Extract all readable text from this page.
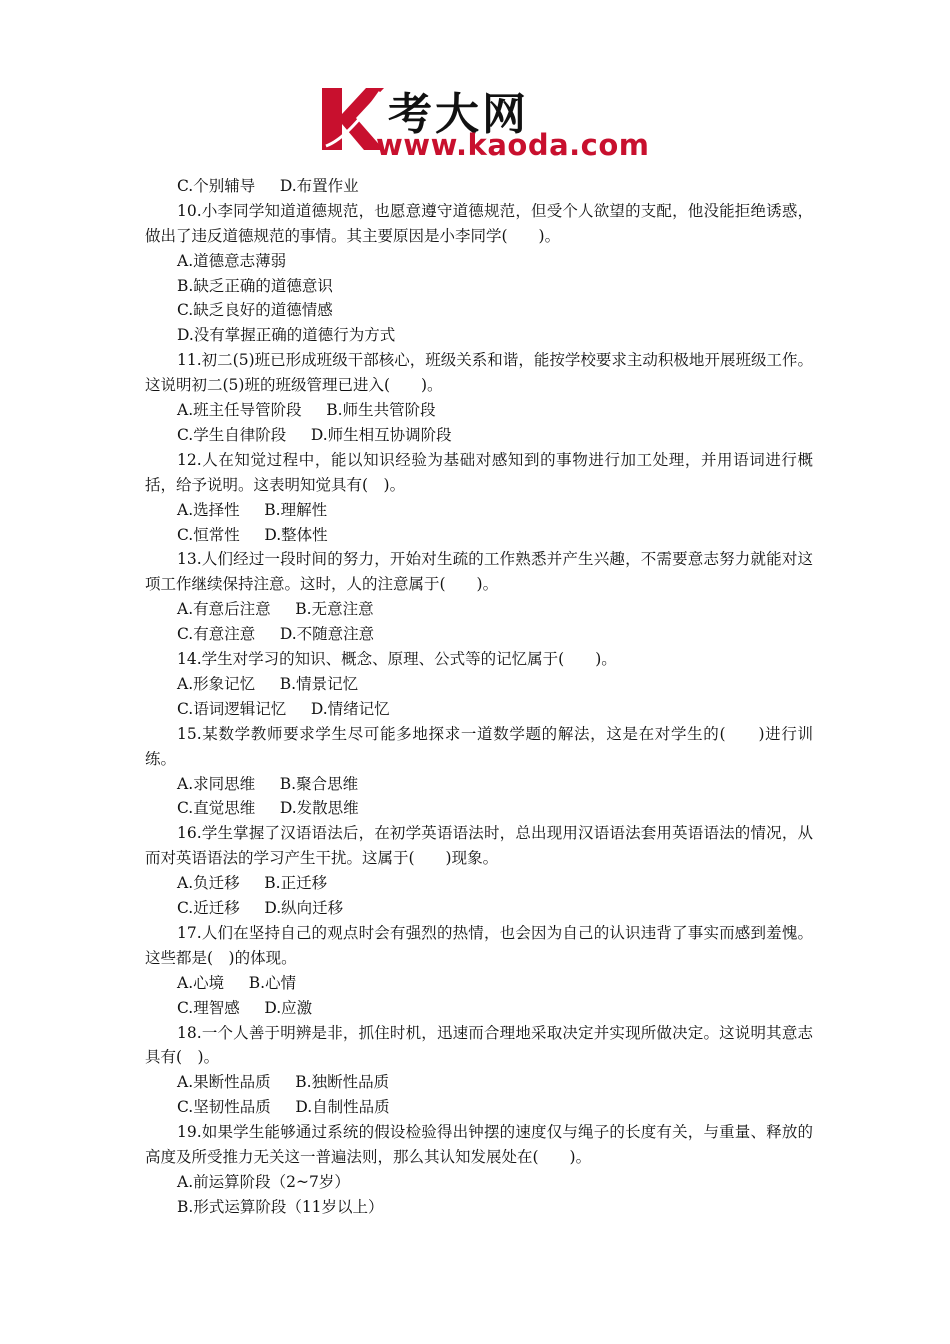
考大网
www.kaoda.com
C.个别辅导     D.布置作业
10.小李同学知道道德规范，也愿意遵守道德规范，但受个人欲望的支配，他没能拒绝诱惑，做出了违反道德规范的事情。其主要原因是小李同学(　　)。
A.道德意志薄弱
B.缺乏正确的道德意识
C.缺乏良好的道德情感
D.没有掌握正确的道德行为方式
11.初二(5)班已形成班级干部核心，班级关系和谐，能按学校要求主动积极地开展班级工作。这说明初二(5)班的班级管理已进入(　　)。
A.班主任导管阶段     B.师生共管阶段
C.学生自律阶段     D.师生相互协调阶段
12.人在知觉过程中，能以知识经验为基础对感知到的事物进行加工处理，并用语词进行概括，给予说明。这表明知觉具有(　)。
A.选择性     B.理解性
C.恒常性     D.整体性
13.人们经过一段时间的努力，开始对生疏的工作熟悉并产生兴趣，不需要意志努力就能对这项工作继续保持注意。这时，人的注意属于(　　)。
A.有意后注意     B.无意注意
C.有意注意     D.不随意注意
14.学生对学习的知识、概念、原理、公式等的记忆属于(　　)。
A.形象记忆     B.情景记忆
C.语词逻辑记忆     D.情绪记忆
15.某数学教师要求学生尽可能多地探求一道数学题的解法，这是在对学生的(　　)进行训练。
A.求同思维     B.聚合思维
C.直觉思维     D.发散思维
16.学生掌握了汉语语法后，在初学英语语法时，总出现用汉语语法套用英语语法的情况，从而对英语语法的学习产生干扰。这属于(　　)现象。
A.负迁移     B.正迁移
C.近迁移     D.纵向迁移
17.人们在坚持自己的观点时会有强烈的热情，也会因为自己的认识违背了事实而感到羞愧。这些都是(　)的体现。
A.心境     B.心情
C.理智感     D.应激
18.一个人善于明辨是非，抓住时机，迅速而合理地采取决定并实现所做决定。这说明其意志具有(　)。
A.果断性品质     B.独断性品质
C.坚韧性品质     D.自制性品质
19.如果学生能够通过系统的假设检验得出钟摆的速度仅与绳子的长度有关，与重量、释放的高度及所受推力无关这一普遍法则，那么其认知发展处在(　　)。
A.前运算阶段（2~7岁）
B.形式运算阶段（11岁以上）
